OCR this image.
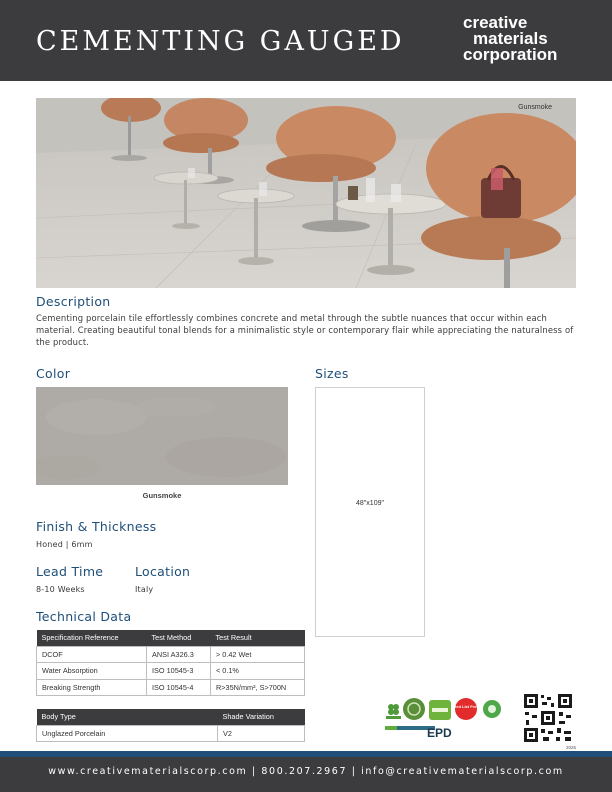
CEMENTING GAUGED
creative
materials
corporation
Gunsmoke
Description

Cementing porcelain tile effortlessly combines concrete and metal through the subtle nuances that occur within each material. Creating beautiful tonal blends for a minimalistic style or contemporary flair while appreciating the naturalness of the product.

Color
Gunsmoke
Sizes
48"x109"
Finish & Thickness
Honed | 6mm
Lead Time
8-10 Weeks
Location
Italy
Technical Data
Specification Reference	Test Method	Test Result
DCOF	ANSI A326.3	> 0.42 Wet
Water Absorption	ISO 10545-3	< 0.1%
Breaking Strength	ISO 10545-4	R>35N/mm², S>700N
Body Type	Shade Variation
Unglazed Porcelain	V2
Red List Free
EPD
2025
www.creativematerialscorp.com | 800.207.2967 | info@creativematerialscorp.com
